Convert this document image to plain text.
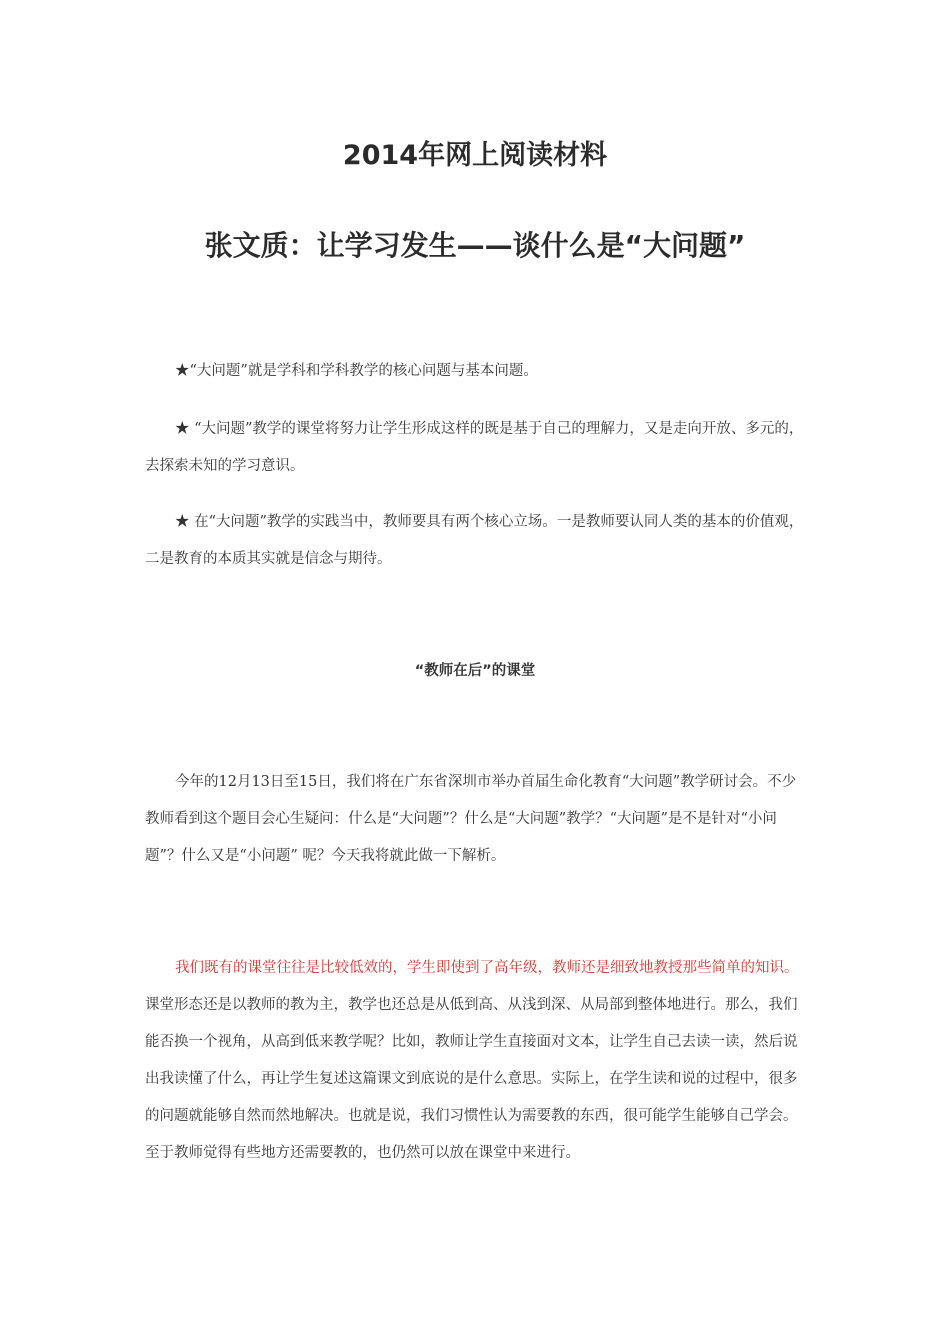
2014年网上阅读材料
张文质：让学习发生——谈什么是“大问题”

★“大问题”就是学科和学科教学的核心问题与基本问题。

★ “大问题”教学的课堂将努力让学生形成这样的既是基于自己的理解力，又是走向开放、多元的，去探索未知的学习意识。

★ 在“大问题”教学的实践当中，教师要具有两个核心立场。一是教师要认同人类的基本的价值观，二是教育的本质其实就是信念与期待。

“教师在后”的课堂

今年的12月13日至15日，我们将在广东省深圳市举办首届生命化教育“大问题”教学研讨会。不少教师看到这个题目会心生疑问：什么是“大问题”？什么是“大问题”教学？“大问题”是不是针对“小问题”？什么又是“小问题” 呢？今天我将就此做一下解析。

我们既有的课堂往往是比较低效的，学生即使到了高年级，教师还是细致地教授那些简单的知识。课堂形态还是以教师的教为主，教学也还总是从低到高、从浅到深、从局部到整体地进行。那么，我们能否换一个视角，从高到低来教学呢？比如，教师让学生直接面对文本，让学生自己去读一读，然后说出我读懂了什么，再让学生复述这篇课文到底说的是什么意思。实际上，在学生读和说的过程中，很多的问题就能够自然而然地解决。也就是说，我们习惯性认为需要教的东西，很可能学生能够自己学会。至于教师觉得有些地方还需要教的，也仍然可以放在课堂中来进行。
